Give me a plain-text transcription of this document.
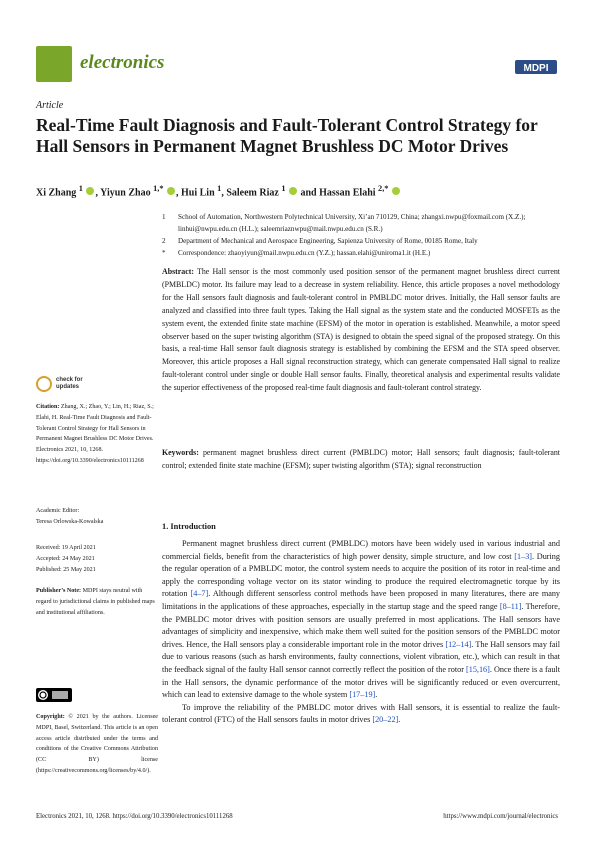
electronics	MDPI
Article
Real-Time Fault Diagnosis and Fault-Tolerant Control Strategy for Hall Sensors in Permanent Magnet Brushless DC Motor Drives
Xi Zhang $^1$ , Yiyun Zhao $^{1,*}$ , Hui Lin $^1$, Saleem Riaz $^1$  and Hassan Elahi $^{2,*}$
1	School of Automation, Northwestern Polytechnical University, Xi’an 710129, China; zhangxi.nwpu@foxmail.com (X.Z.); linhui@nwpu.edu.cn (H.L.); saleemriaznwpu@mail.nwpu.edu.cn (S.R.)
2	Department of Mechanical and Aerospace Engineering, Sapienza University of Rome, 00185 Rome, Italy
*	Correspondence: zhaoyiyun@mail.nwpu.edu.cn (Y.Z.); hassan.elahi@uniroma1.it (H.E.)
Abstract: The Hall sensor is the most commonly used position sensor of the permanent magnet brushless direct current (PMBLDC) motor. Its failure may lead to a decrease in system reliability. Hence, this article proposes a novel methodology for the Hall sensors fault diagnosis and fault-tolerant control in PMBLDC motor drives. Initially, the Hall sensor faults are analyzed and classified into three fault types. Taking the Hall signal as the system state and the conducted MOSFETs as the system event, the extended finite state machine (EFSM) of the motor in operation is established. Meanwhile, a motor speed observer based on the super twisting algorithm (STA) is designed to obtain the speed signal of the proposed strategy. On this basis, a real-time Hall sensor fault diagnosis strategy is established by combining the EFSM and the STA speed observer. Moreover, this article proposes a Hall signal reconstruction strategy, which can generate compensated Hall signal to realize fault-tolerant control under single or double Hall sensor faults. Finally, theoretical analysis and experimental results validate the superior effectiveness of the proposed real-time fault diagnosis and fault-tolerant control strategy.
Keywords: permanent magnet brushless direct current (PMBLDC) motor; Hall sensors; fault diagnosis; fault-tolerant control; extended finite state machine (EFSM); super twisting algorithm (STA); signal reconstruction
check for updates
Citation: Zhang, X.; Zhao, Y.; Lin, H.; Riaz, S.; Elahi, H. Real-Time Fault Diagnosis and Fault-Tolerant Control Strategy for Hall Sensors in Permanent Magnet Brushless DC Motor Drives. Electronics 2021, 10, 1268. https://doi.org/10.3390/electronics10111268
Academic Editor:
Teresa Orlowska-Kowalska
Received: 19 April 2021
Accepted: 24 May 2021
Published: 25 May 2021
Publisher’s Note: MDPI stays neutral with regard to jurisdictional claims in published maps and institutional affiliations.
Copyright: © 2021 by the authors. Licensee MDPI, Basel, Switzerland. This article is an open access article distributed under the terms and conditions of the Creative Commons Attribution (CC BY) license (https://creativecommons.org/licenses/by/4.0/).
1. Introduction

Permanent magnet brushless direct current (PMBLDC) motors have been widely used in various industrial and commercial fields, benefit from the characteristics of high power density, simple structure, and low cost [1–3]. During the regular operation of a PMBLDC motor, the control system needs to acquire the position of its rotor in real-time and apply the corresponding voltage vector on its stator winding to produce the required electromagnetic torque by its rotation [4–7]. Although different sensorless control methods have been proposed in many literatures, there are many limitations in the applications of these approaches, especially in the startup stage and the speed range [8–11]. Therefore, the PMBLDC motor drives with position sensors are usually preferred in most applications. The Hall sensors have advantages of simplicity and inexpensive, which make them well suited for the position sensors of the PMBLDC motor drives. Hence, the Hall sensors play a considerable important role in the motor drives [12–14]. The Hall sensors may fail due to various reasons (such as harsh environments, faulty connections, violent vibration, etc.), which can result in that the feedback signal of the faulty Hall sensor cannot correctly reflect the position of the rotor [15,16]. Once there is a fault in the Hall sensors, the dynamic performance of the motor drives will be significantly reduced or even overcurrent, which can lead to extensive damage to the whole system [17–19].

To improve the reliability of the PMBLDC motor drives with Hall sensors, it is essential to realize the fault-tolerant control (FTC) of the Hall sensors faults in motor drives [20–22].

Electronics 2021, 10, 1268. https://doi.org/10.3390/electronics10111268	https://www.mdpi.com/journal/electronics
